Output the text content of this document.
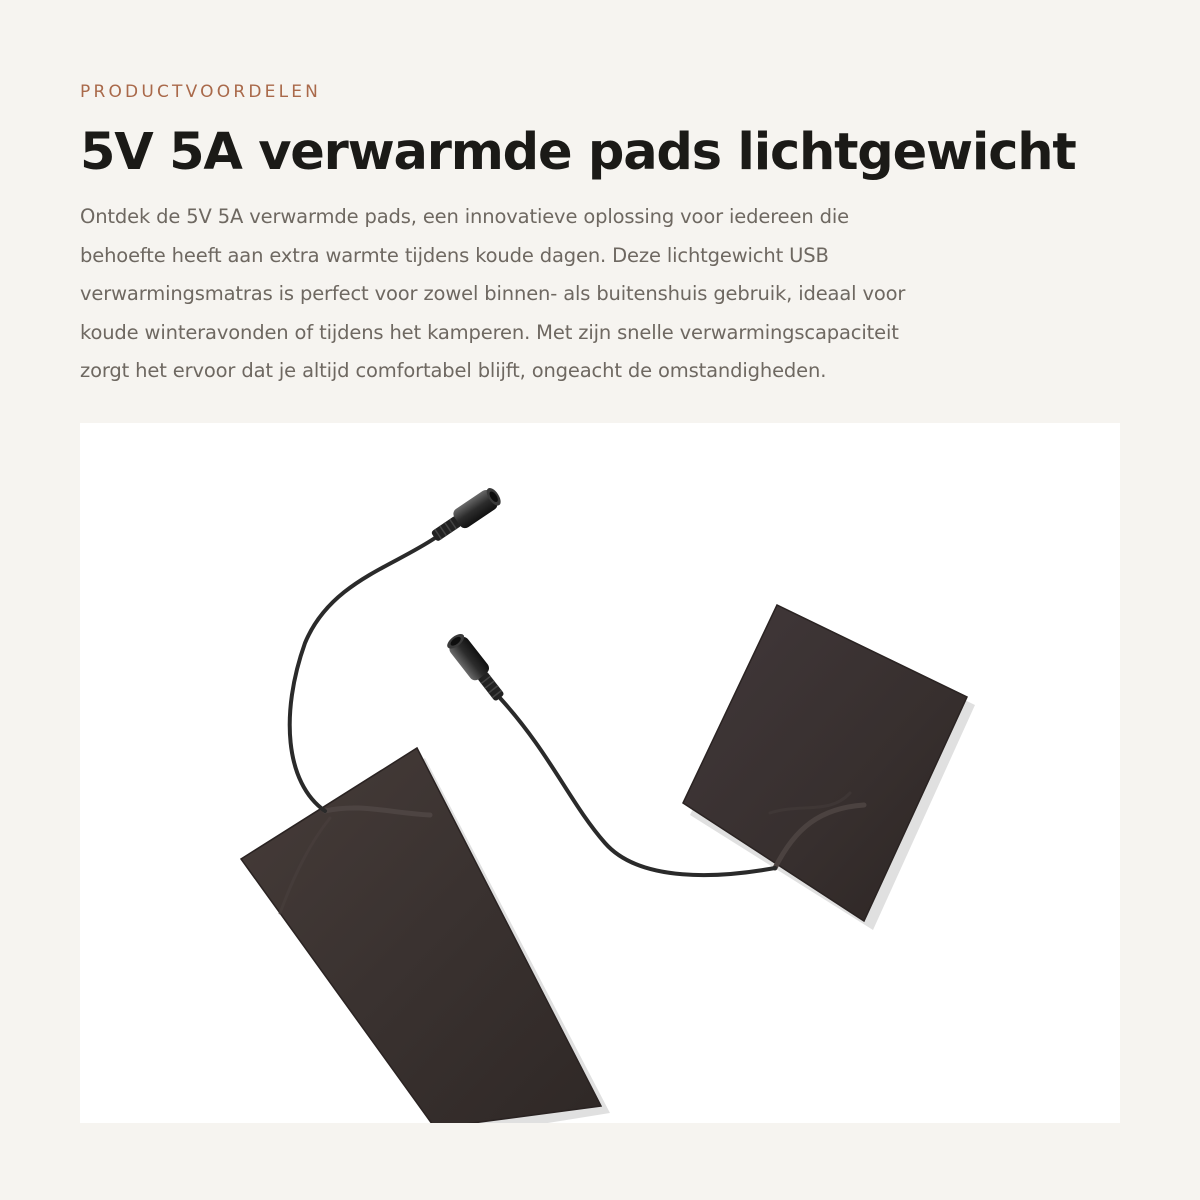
PRODUCTVOORDELEN
5V 5A verwarmde pads lichtgewicht

Ontdek de 5V 5A verwarmde pads, een innovatieve oplossing voor iedereen die
behoefte heeft aan extra warmte tijdens koude dagen. Deze lichtgewicht USB
verwarmingsmatras is perfect voor zowel binnen- als buitenshuis gebruik, ideaal voor
koude winteravonden of tijdens het kamperen. Met zijn snelle verwarmingscapaciteit
zorgt het ervoor dat je altijd comfortabel blijft, ongeacht de omstandigheden.
